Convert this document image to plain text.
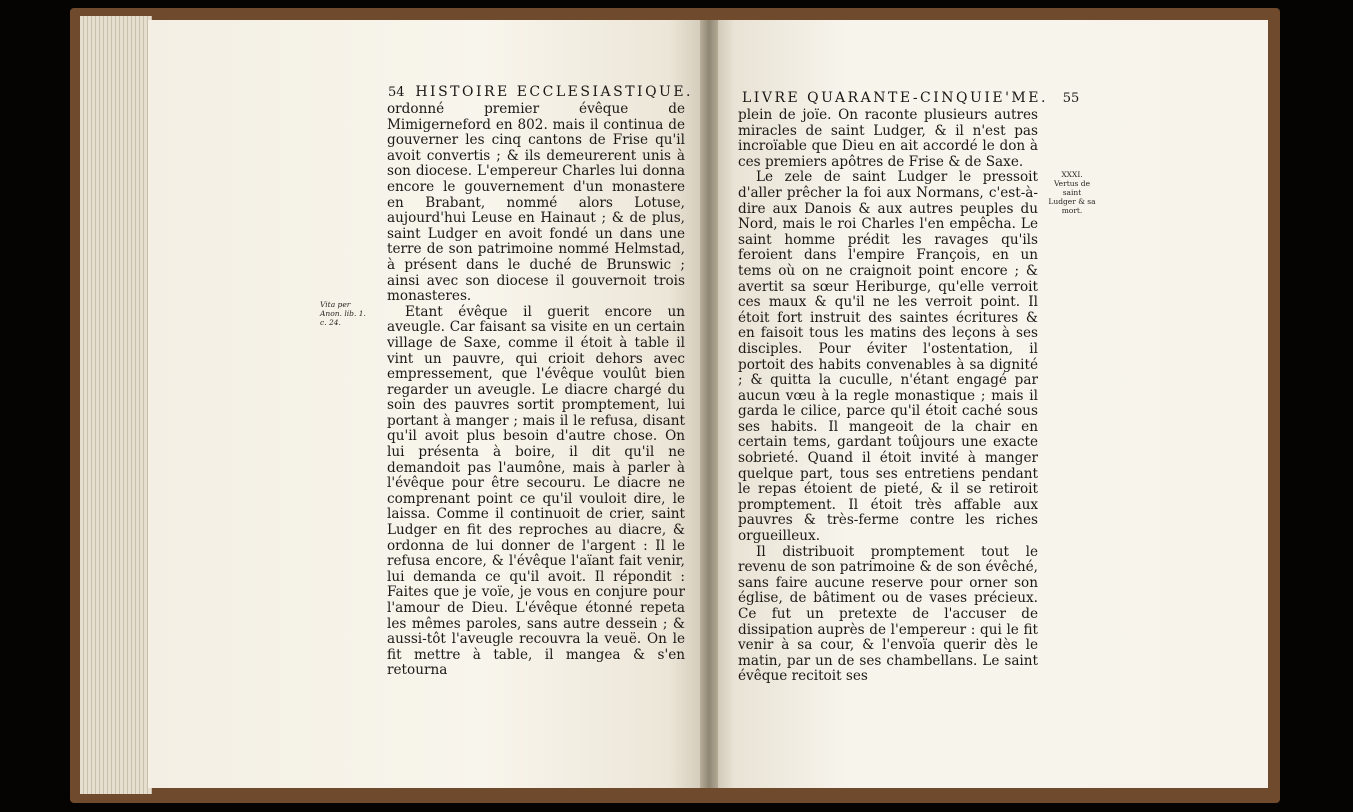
54 HISTOIRE ECCLESIASTIQUE.
Vita per Anon. lib. 1. c. 24.

ordonné premier évêque de Mimigerneford en 802. mais il continua de gouverner les cinq cantons de Frise qu'il avoit convertis ; & ils demeurerent unis à son diocese. L'empereur Charles lui donna encore le gouvernement d'un monastere en Brabant, nommé alors Lotuse, aujourd'hui Leuse en Hainaut ; & de plus, saint Ludger en avoit fondé un dans une terre de son patrimoine nommé Helmstad, à présent dans le duché de Brunswic ; ainsi avec son diocese il gouvernoit trois monasteres.

Etant évêque il guerit encore un aveugle. Car faisant sa visite en un certain village de Saxe, comme il étoit à table il vint un pauvre, qui crioit dehors avec empressement, que l'évêque voulût bien regarder un aveugle. Le diacre chargé du soin des pauvres sortit promptement, lui portant à manger ; mais il le refusa, disant qu'il avoit plus besoin d'autre chose. On lui présenta à boire, il dit qu'il ne demandoit pas l'aumône, mais à parler à l'évêque pour être secouru. Le diacre ne comprenant point ce qu'il vouloit dire, le laissa. Comme il continuoit de crier, saint Ludger en fit des reproches au diacre, & ordonna de lui donner de l'argent : Il le refusa encore, & l'évêque l'aïant fait venir, lui demanda ce qu'il avoit. Il répondit : Faites que je voïe, je vous en conjure pour l'amour de Dieu. L'évêque étonné repeta les mêmes paroles, sans autre dessein ; & aussi-tôt l'aveugle recouvra la veuë. On le fit mettre à table, il mangea & s'en retourna

LIVRE QUARANTE-CINQUIE'ME. 55
XXXI.
Vertus de saint Ludger & sa mort.

plein de joïe. On raconte plusieurs autres miracles de saint Ludger, & il n'est pas incroïable que Dieu en ait accordé le don à ces premiers apôtres de Frise & de Saxe.

Le zele de saint Ludger le pressoit d'aller prêcher la foi aux Normans, c'est-à-dire aux Danois & aux autres peuples du Nord, mais le roi Charles l'en empêcha. Le saint homme prédit les ravages qu'ils feroient dans l'empire François, en un tems où on ne craignoit point encore ; & avertit sa sœur Heriburge, qu'elle verroit ces maux & qu'il ne les verroit point. Il étoit fort instruit des saintes écritures & en faisoit tous les matins des leçons à ses disciples. Pour éviter l'ostentation, il portoit des habits convenables à sa dignité ; & quitta la cuculle, n'étant engagé par aucun vœu à la regle monastique ; mais il garda le cilice, parce qu'il étoit caché sous ses habits. Il mangeoit de la chair en certain tems, gardant toûjours une exacte sobrieté. Quand il étoit invité à manger quelque part, tous ses entretiens pendant le repas étoient de pieté, & il se retiroit promptement. Il étoit très affable aux pauvres & très-ferme contre les riches orgueilleux.

Il distribuoit promptement tout le revenu de son patrimoine & de son évêché, sans faire aucune reserve pour orner son église, de bâtiment ou de vases précieux. Ce fut un pretexte de l'accuser de dissipation auprès de l'empereur : qui le fit venir à sa cour, & l'envoïa querir dès le matin, par un de ses chambellans. Le saint évêque recitoit ses
